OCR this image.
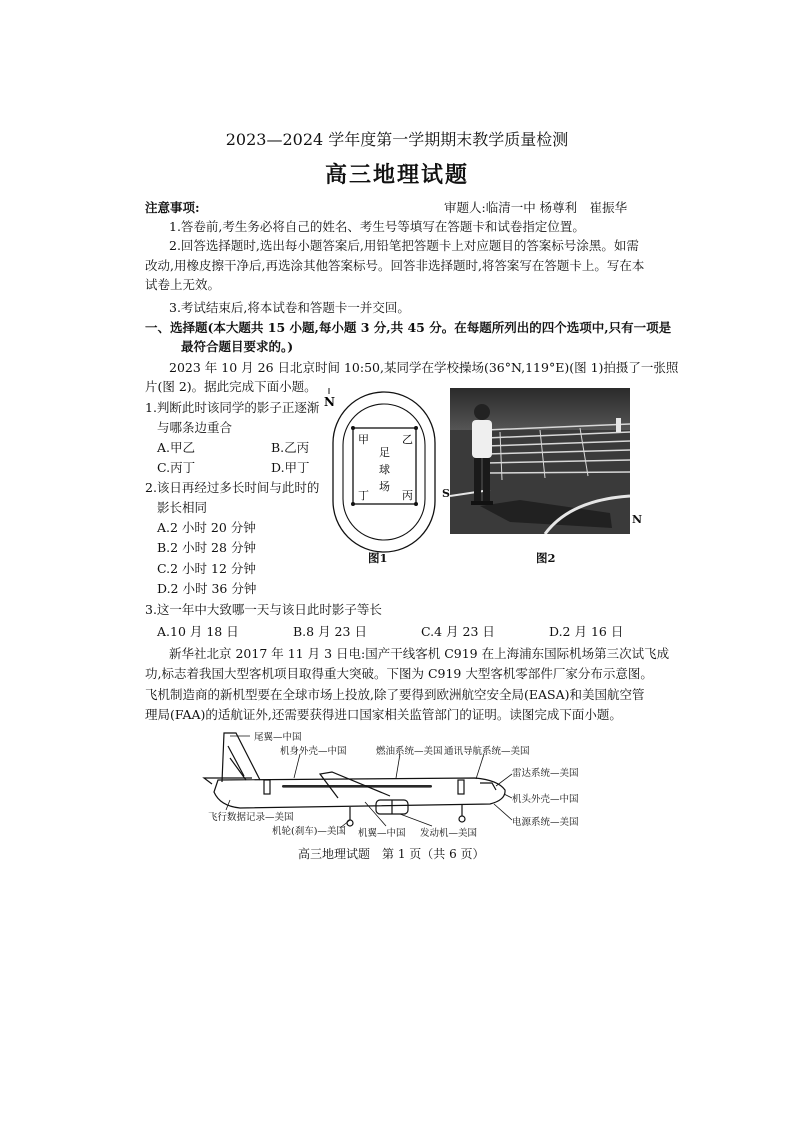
2023—2024 学年度第一学期期末教学质量检测
高三地理试题
注意事项:	审题人:临清一中 杨尊利　崔振华
1.答卷前,考生务必将自己的姓名、考生号等填写在答题卡和试卷指定位置。
2.回答选择题时,选出每小题答案后,用铅笔把答题卡上对应题目的答案标号涂黑。如需
改动,用橡皮擦干净后,再选涂其他答案标号。回答非选择题时,将答案写在答题卡上。写在本
试卷上无效。
3.考试结束后,将本试卷和答题卡一并交回。
一、选择题(本大题共 15 小题,每小题 3 分,共 45 分。在每题所列出的四个选项中,只有一项是
最符合题目要求的。)
2023 年 10 月 26 日北京时间 10:50,某同学在学校操场(36°N,119°E)(图 1)拍摄了一张照
片(图 2)。据此完成下面小题。
1.判断此时该同学的影子正逐渐
与哪条边重合
A.甲乙	B.乙丙
C.丙丁	D.甲丁
2.该日再经过多长时间与此时的
影长相同
A.2 小时 20 分钟
B.2 小时 28 分钟
C.2 小时 12 分钟
D.2 小时 36 分钟
N
甲	乙
丙
丁
足
球
场
图1
S
N
图2
3.这一年中大致哪一天与该日此时影子等长
A.10 月 18 日	B.8 月 23 日	C.4 月 23 日	D.2 月 16 日
新华社北京 2017 年 11 月 3 日电:国产干线客机 C919 在上海浦东国际机场第三次试飞成
功,标志着我国大型客机项目取得重大突破。下图为 C919 大型客机零部件厂家分布示意图。
飞机制造商的新机型要在全球市场上投放,除了要得到欧洲航空安全局(EASA)和美国航空管
理局(FAA)的适航证外,还需要获得进口国家相关监管部门的证明。读图完成下面小题。
尾翼—中国
机身外壳—中国	燃油系统—美国 通讯导航系统—美国
雷达系统—美国
机头外壳—中国
电源系统—美国
飞行数据记录—美国
机轮(刹车)—美国 机翼—中国 发动机—美国
高三地理试题　第 1 页（共 6 页）
